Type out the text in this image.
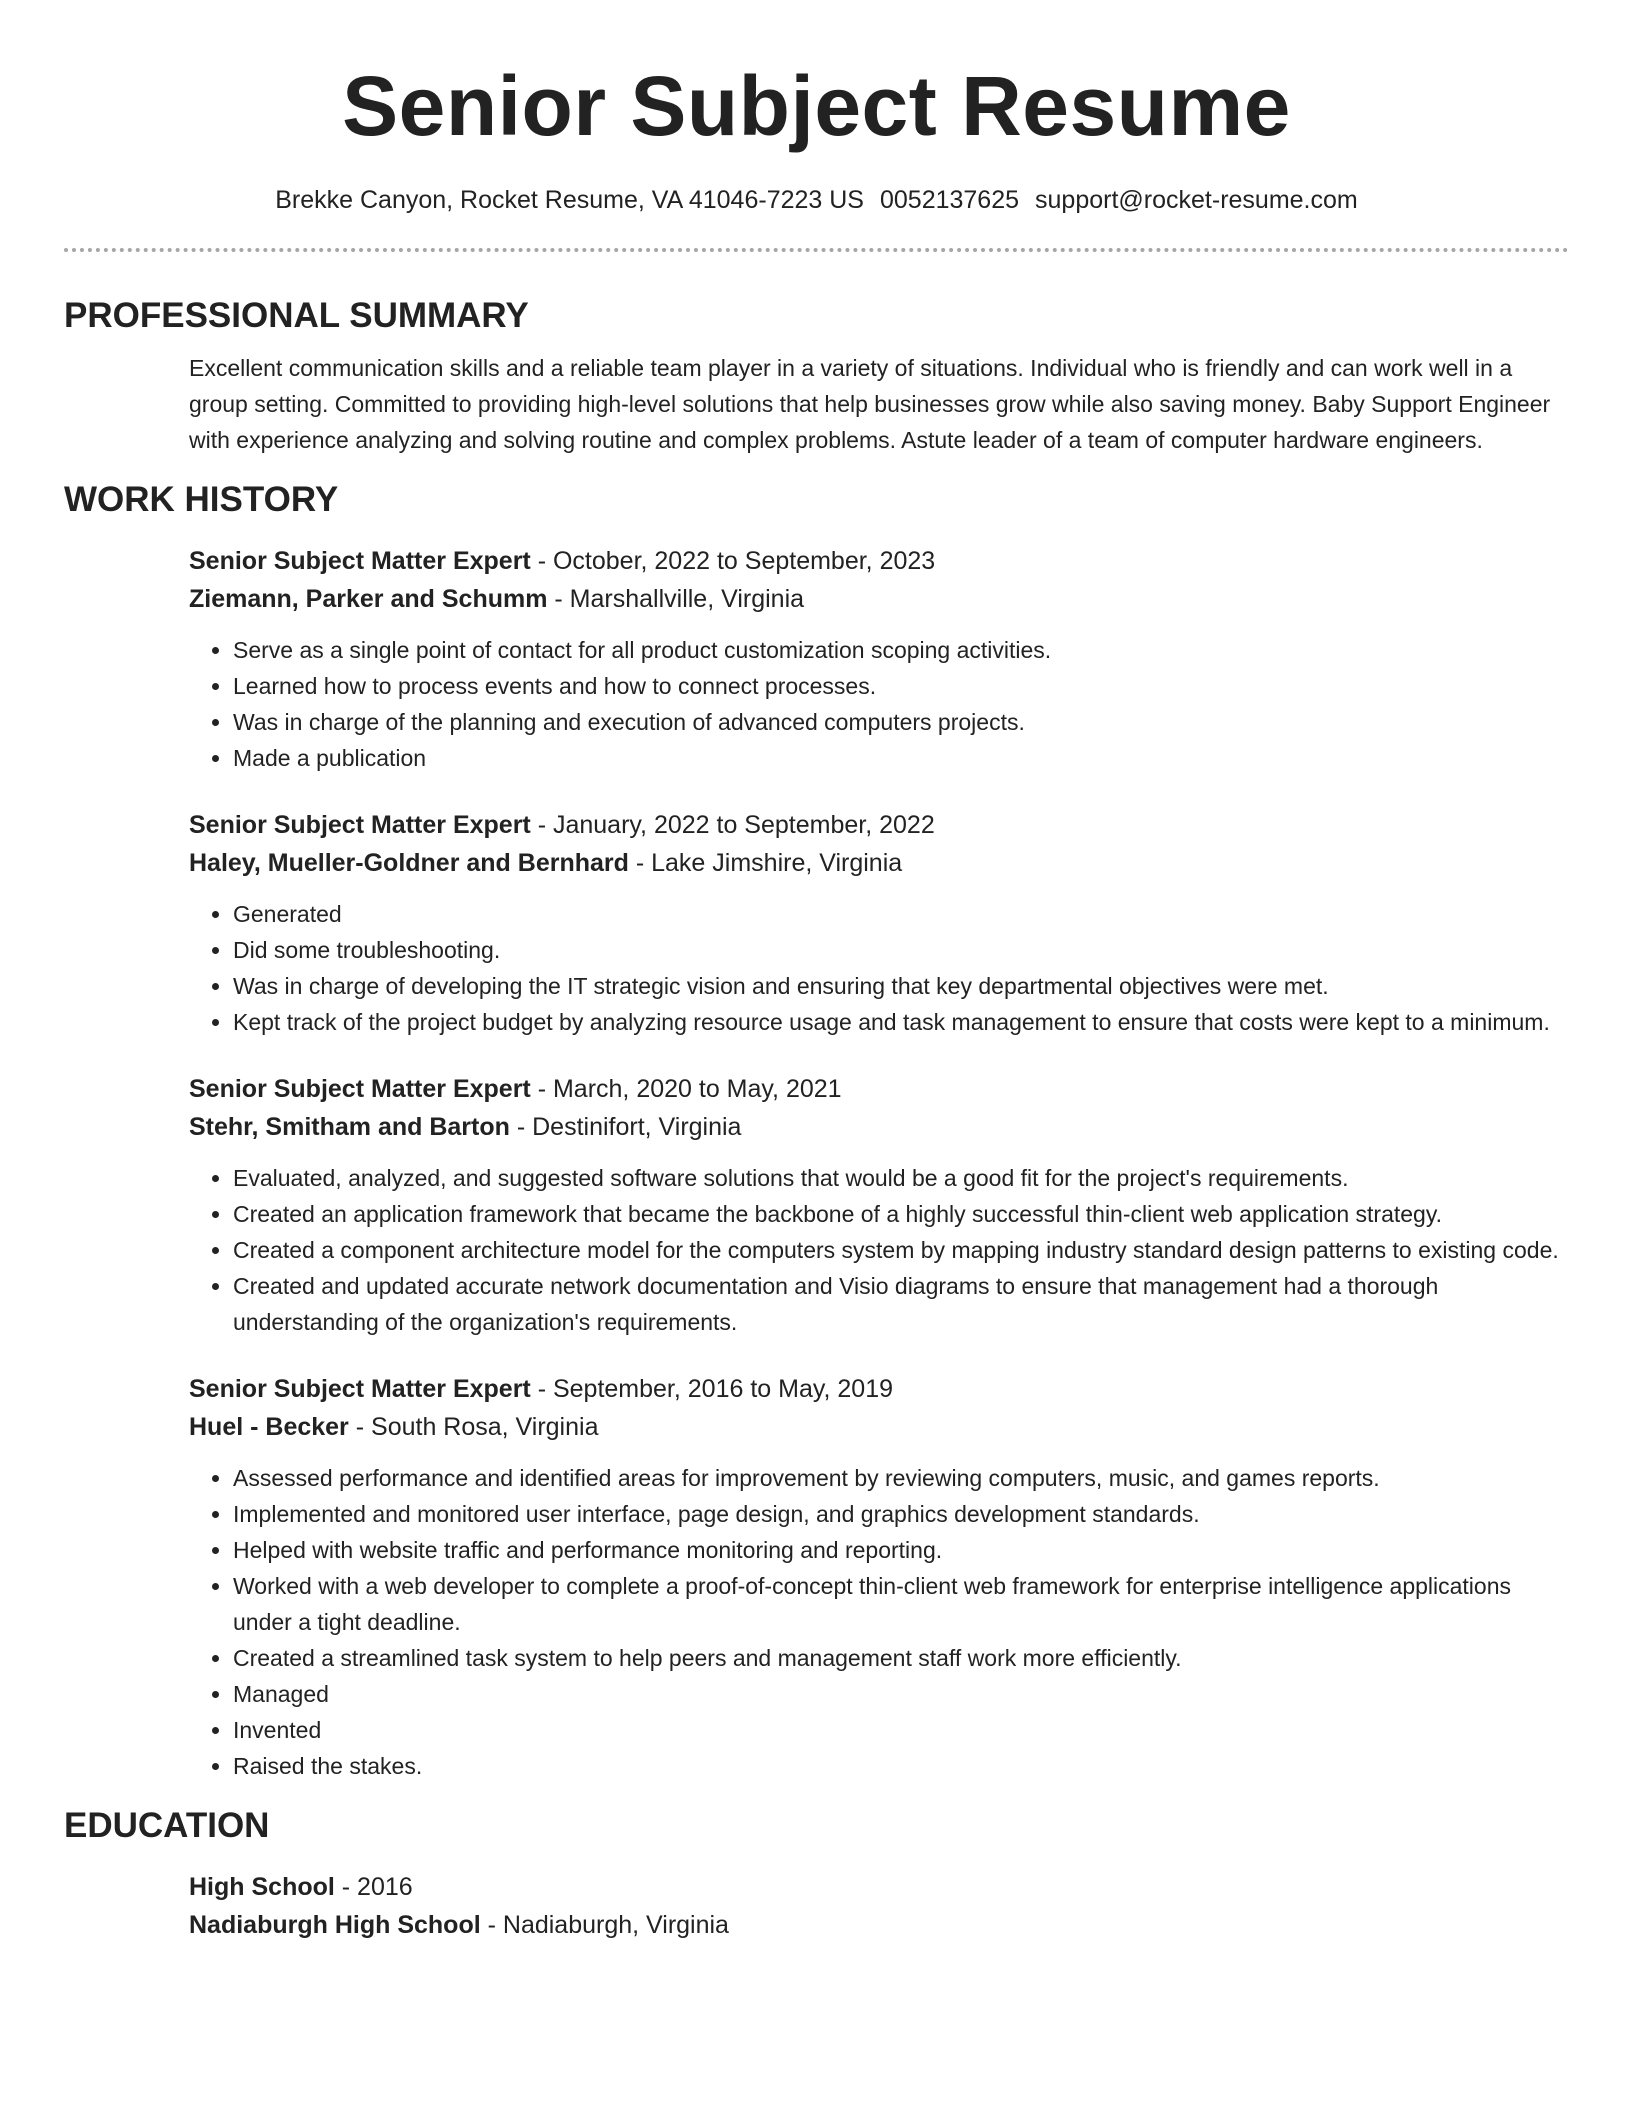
Senior Subject Resume
Brekke Canyon, Rocket Resume, VA 41046-7223 US 0052137625 support@rocket-resume.com
PROFESSIONAL SUMMARY

Excellent communication skills and a reliable team player in a variety of situations. Individual who is friendly and can work well in a group setting. Committed to providing high-level solutions that help businesses grow while also saving money. Baby Support Engineer with experience analyzing and solving routine and complex problems. Astute leader of a team of computer hardware engineers.

WORK HISTORY
Senior Subject Matter Expert - October, 2022 to September, 2023
Ziemann, Parker and Schumm - Marshallville, Virginia
• Serve as a single point of contact for all product customization scoping activities.
• Learned how to process events and how to connect processes.
• Was in charge of the planning and execution of advanced computers projects.
• Made a publication
Senior Subject Matter Expert - January, 2022 to September, 2022
Haley, Mueller-Goldner and Bernhard - Lake Jimshire, Virginia
• Generated
• Did some troubleshooting.
• Was in charge of developing the IT strategic vision and ensuring that key departmental objectives were met.
• Kept track of the project budget by analyzing resource usage and task management to ensure that costs were kept to a minimum.
Senior Subject Matter Expert - March, 2020 to May, 2021
Stehr, Smitham and Barton - Destinifort, Virginia
• Evaluated, analyzed, and suggested software solutions that would be a good fit for the project's requirements.
• Created an application framework that became the backbone of a highly successful thin-client web application strategy.
• Created a component architecture model for the computers system by mapping industry standard design patterns to existing code.
• Created and updated accurate network documentation and Visio diagrams to ensure that management had a thorough understanding of the organization's requirements.
Senior Subject Matter Expert - September, 2016 to May, 2019
Huel - Becker - South Rosa, Virginia
• Assessed performance and identified areas for improvement by reviewing computers, music, and games reports.
• Implemented and monitored user interface, page design, and graphics development standards.
• Helped with website traffic and performance monitoring and reporting.
• Worked with a web developer to complete a proof-of-concept thin-client web framework for enterprise intelligence applications under a tight deadline.
• Created a streamlined task system to help peers and management staff work more efficiently.
• Managed
• Invented
• Raised the stakes.
EDUCATION
High School - 2016
Nadiaburgh High School - Nadiaburgh, Virginia
